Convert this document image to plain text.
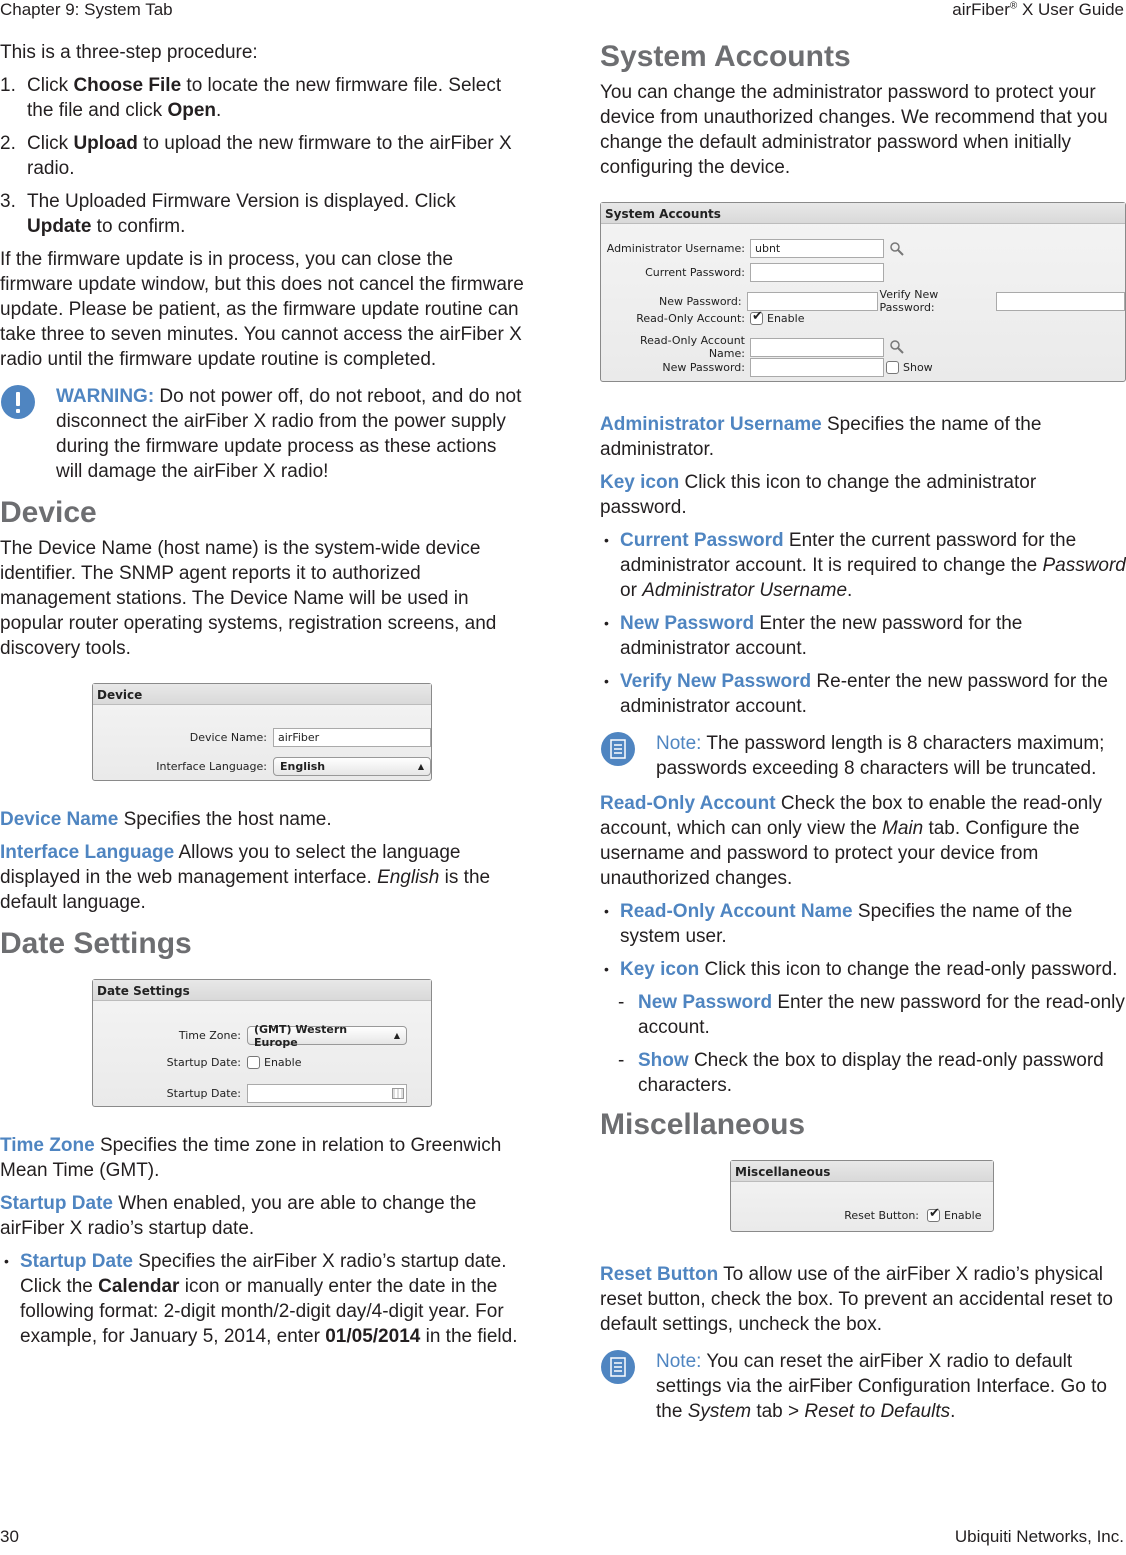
Chapter 9: System Tab	airFiber® X User Guide

This is a three-step procedure:

1. Click Choose File to locate the new firmware file. Select the file and click Open.
2. Click Upload to upload the new firmware to the airFiber X radio.
3. The Uploaded Firmware Version is displayed. Click Update to confirm.

If the firmware update is in process, you can close the firmware update window, but this does not cancel the firmware update. Please be patient, as the firmware update routine can take three to seven minutes. You cannot access the airFiber X radio until the firmware update routine is completed.

WARNING: Do not power off, do not reboot, and do not disconnect the airFiber X radio from the power supply during the firmware update process as these actions will damage the airFiber X radio!
Device

The Device Name (host name) is the system-wide device identifier. The SNMP agent reports it to authorized management stations. The Device Name will be used in popular router operating systems, registration screens, and discovery tools.

Device
Device Name:	airFiber
Interface Language: English	▲

Device Name Specifies the host name.

Interface Language Allows you to select the language displayed in the web management interface. English is the default language.

Date Settings
Date Settings
Time Zone: (GMT) Western Europe	▲
Startup Date: Enable
Startup Date:

Time Zone Specifies the time zone in relation to Greenwich Mean Time (GMT).

Startup Date When enabled, you are able to change the airFiber X radio’s startup date.

• Startup Date Specifies the airFiber X radio’s startup date. Click the Calendar icon or manually enter the date in the following format: 2-digit month/2-digit day/4-digit year. For example, for January 5, 2014, enter 01/05/2014 in the field.
System Accounts

You can change the administrator password to protect your device from unauthorized changes. We recommend that you change the default administrator password when initially configuring the device.

System Accounts
Administrator Username: ubnt
Current Password:
New Password:	Verify New Password:
Read-Only Account: ✔ Enable
Read-Only Account Name:
New Password:	Show

Administrator Username Specifies the name of the administrator.

Key icon Click this icon to change the administrator password.

• Current Password Enter the current password for the administrator account. It is required to change the Password or Administrator Username.
• New Password Enter the new password for the administrator account.
• Verify New Password Re-enter the new password for the administrator account.
Note: The password length is 8 characters maximum; passwords exceeding 8 characters will be truncated.

Read-Only Account Check the box to enable the read-only account, which can only view the Main tab. Configure the username and password to protect your device from unauthorized changes.

• Read-Only Account Name Specifies the name of the system user.
• Key icon Click this icon to change the read-only password.
- New Password Enter the new password for the read-only account.
- Show Check the box to display the read-only password characters.
Miscellaneous
Miscellaneous
Reset Button: ✔ Enable

Reset Button To allow use of the airFiber X radio’s physical reset button, check the box. To prevent an accidental reset to default settings, uncheck the box.

Note: You can reset the airFiber X radio to default settings via the airFiber Configuration Interface. Go to the System tab > Reset to Defaults.
30	Ubiquiti Networks, Inc.
